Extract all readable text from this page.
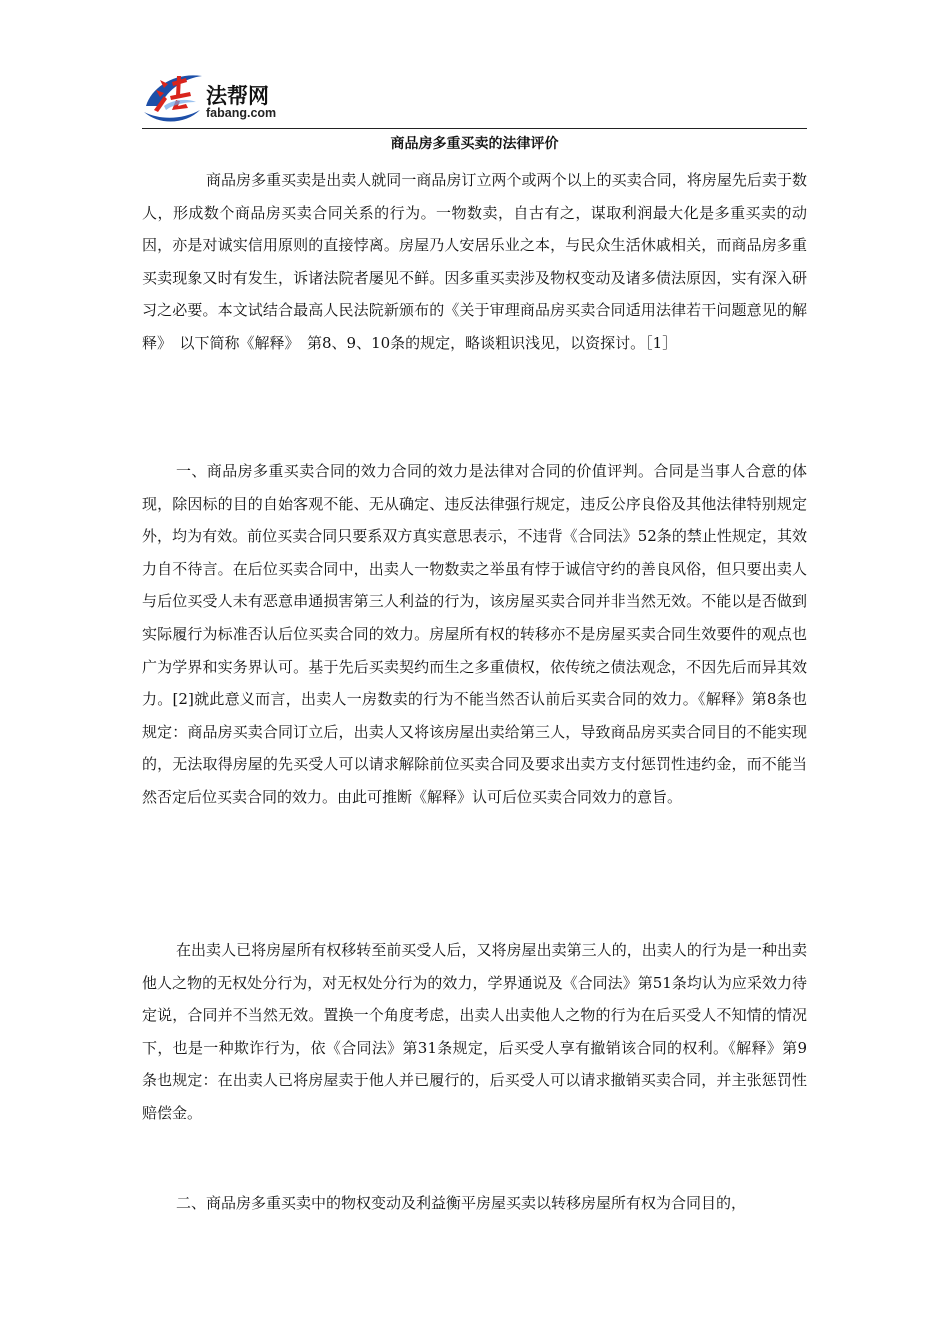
法帮网
fabang.com
商品房多重买卖的法律评价

商品房多重买卖是出卖人就同一商品房订立两个或两个以上的买卖合同，将房屋先后卖于数人，形成数个商品房买卖合同关系的行为。一物数卖，自古有之，谋取利润最大化是多重买卖的动因，亦是对诚实信用原则的直接悖离。房屋乃人安居乐业之本，与民众生活休戚相关，而商品房多重买卖现象又时有发生，诉诸法院者屡见不鲜。因多重买卖涉及物权变动及诸多债法原因，实有深入研习之必要。本文试结合最高人民法院新颁布的《关于审理商品房买卖合同适用法律若干问题意见的解释》　以下简称《解释》　第8、9、10条的规定，略谈粗识浅见，以资探讨。［1］

一、商品房多重买卖合同的效力合同的效力是法律对合同的价值评判。合同是当事人合意的体现，除因标的目的自始客观不能、无从确定、违反法律强行规定，违反公序良俗及其他法律特别规定外，均为有效。前位买卖合同只要系双方真实意思表示，不违背《合同法》52条的禁止性规定，其效力自不待言。在后位买卖合同中，出卖人一物数卖之举虽有悖于诚信守约的善良风俗，但只要出卖人与后位买受人未有恶意串通损害第三人利益的行为，该房屋买卖合同并非当然无效。不能以是否做到实际履行为标准否认后位买卖合同的效力。房屋所有权的转移亦不是房屋买卖合同生效要件的观点也广为学界和实务界认可。基于先后买卖契约而生之多重债权，依传统之债法观念，不因先后而异其效力。[2]就此意义而言，出卖人一房数卖的行为不能当然否认前后买卖合同的效力。《解释》第8条也规定：商品房买卖合同订立后，出卖人又将该房屋出卖给第三人，导致商品房买卖合同目的不能实现的，无法取得房屋的先买受人可以请求解除前位买卖合同及要求出卖方支付惩罚性违约金，而不能当然否定后位买卖合同的效力。由此可推断《解释》认可后位买卖合同效力的意旨。

在出卖人已将房屋所有权移转至前买受人后，又将房屋出卖第三人的，出卖人的行为是一种出卖他人之物的无权处分行为，对无权处分行为的效力，学界通说及《合同法》第51条均认为应采效力待定说，合同并不当然无效。置换一个角度考虑，出卖人出卖他人之物的行为在后买受人不知情的情况下，也是一种欺诈行为，依《合同法》第31条规定，后买受人享有撤销该合同的权利。《解释》第9条也规定：在出卖人已将房屋卖于他人并已履行的，后买受人可以请求撤销买卖合同，并主张惩罚性赔偿金。

二、商品房多重买卖中的物权变动及利益衡平房屋买卖以转移房屋所有权为合同目的，
